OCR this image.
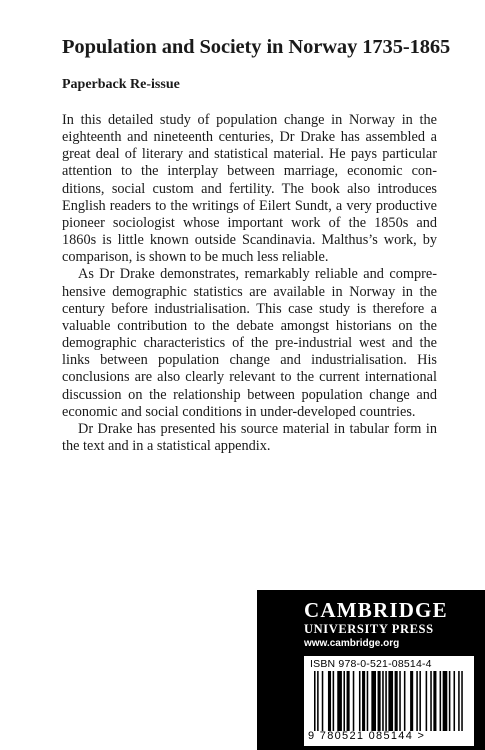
Population and Society in Norway 1735-1865
Paperback Re-issue

In this detailed study of population change in Norway in the eighteenth and nineteenth centuries, Dr Drake has assembled a great deal of literary and statistical material. He pays particular attention to the interplay between marriage, economic conditions, social custom and fertility. The book also introduces English readers to the writings of Eilert Sundt, a very productive pioneer sociologist whose important work of the 1850s and 1860s is little known outside Scandinavia. Malthus’s work, by comparison, is shown to be much less reliable.

As Dr Drake demonstrates, remarkably reliable and comprehensive demographic statistics are available in Norway in the century before industrialisation. This case study is therefore a valuable contribution to the debate amongst historians on the demographic characteristics of the pre-industrial west and the links between population change and industrialisation. His conclusions are also clearly relevant to the current international discussion on the relationship between population change and economic and social conditions in under-developed countries.

Dr Drake has presented his source material in tabular form in the text and in a statistical appendix.

CAMBRIDGE
UNIVERSITY PRESS
www.cambridge.org
ISBN 978-0-521-08514-4
9 780521 085144 >
